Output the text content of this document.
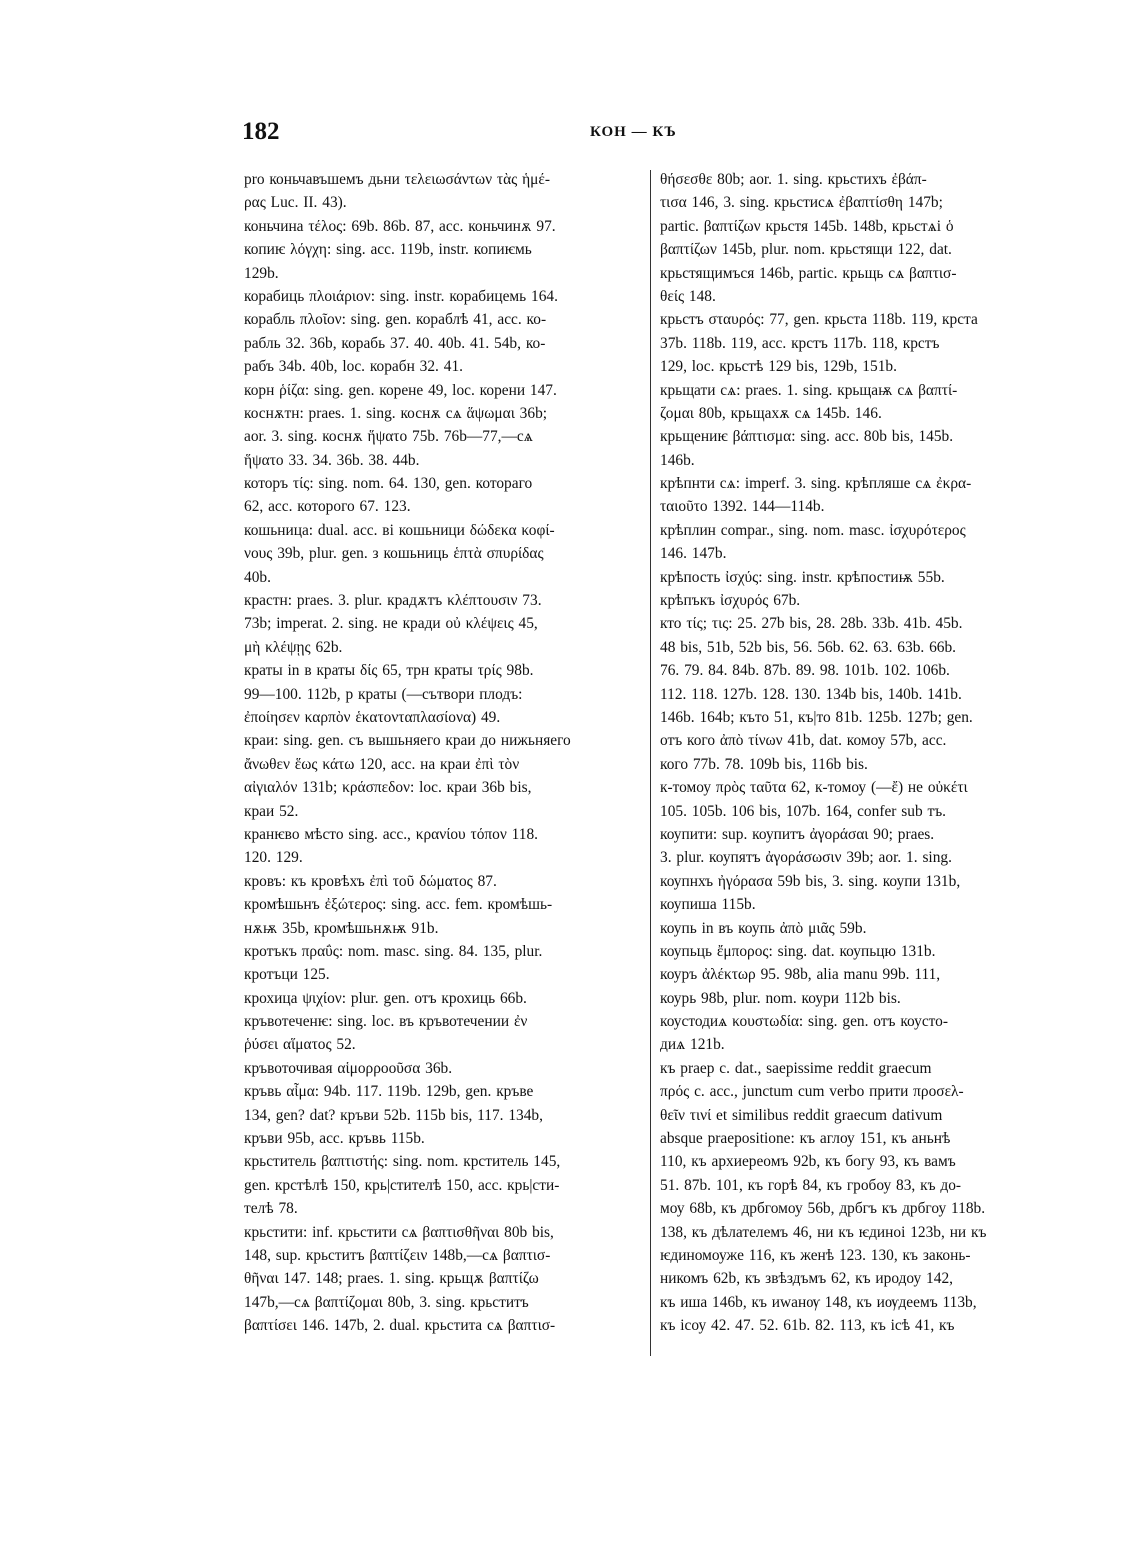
182	КОН — КЪ
pro коньчавъшемъ дьни τελειωσάντων τὰς ἡμέ-
ρας Luc. II. 43).
коньчина τέλος: 69b. 86b. 87, acc. коньчинѫ 97.
копиѥ λόγχη: sing. acc. 119b, instr. копиѥмь
129b.
корабиць πλοιάριον: sing. instr. корабицемь 164.
корабль πλοῖον: sing. gen. кораблѣ 41, acc. ко-
рабль 32. 36b, корабь 37. 40. 40b. 41. 54b, ко-
рабъ 34b. 40b, loc. корабн 32. 41.
корн ῥίζα: sing. gen. корене 49, loc. корени 147.
коснѫтн: praes. 1. sing. коснѫ сѧ ἅψωμαι 36b;
aor. 3. sing. коснѫ ἥψατο 75b. 76b—77,—сѧ
ἥψατο 33. 34. 36b. 38. 44b.
которъ τίς: sing. nom. 64. 130, gen. котораго
62, acc. которого 67. 123.
кошьница: dual. acc. ві кошьници δώδεκα κοφί-
νους 39b, plur. gen. з кошьниць ἑπτὰ σπυρίδας
40b.
краcтн: praes. 3. plur. крадѫтъ κλέπτουσιν 73.
73b; imperat. 2. sing. не кради οὐ κλέψεις 45,
μὴ κλέψῃς 62b.
краты in в краты δίς 65, трн краты τρίς 98b.
99—100. 112b, р краты (—сътвори плодъ:
ἐποίησεν καρπὸν ἑκατονταπλασίονα) 49.
краи: sing. gen. съ вышьняего краи до нижьняего
ἄνωθεν ἕως κάτω 120, acc. на краи ἐπὶ τὸν
αἰγιαλόν 131b; κράσπεδον: loc. краи 36b bis,
краи 52.
кранѥво мѣсто sing. acc., κρανίου τόπον 118.
120. 129.
кровъ: къ кровѣхъ ἐπὶ τοῦ δώματος 87.
кромѣшьнъ ἐξώτερος: sing. acc. fem. кромѣшь-
нѫѭ 35b, кромѣшьнѫѭ 91b.
кротъкъ πραΰς: nom. masc. sing. 84. 135, plur.
кротъци 125.
крохица ψιχίον: plur. gen. отъ крохиць 66b.
кръвотеченѥ: sing. loc. въ кръвотечении ἐν
ῥύσει αἵματος 52.
кръвоточивая αἱμορροοῦσα 36b.
кръвь αἷμα: 94b. 117. 119b. 129b, gen. кръве
134, gen? dat? кръви 52b. 115b bis, 117. 134b,
кръви 95b, acc. кръвь 115b.
крьститель βαπτιστής: sing. nom. крститель 145,
gen. крстѣлѣ 150, крь|стителѣ 150, acc. крь|сти-
телѣ 78.
крьстити: inf. крьстити сѧ βαπτισθῆναι 80b bis,
148, sup. крьститъ βαπτίζειν 148b,—сѧ βαπτισ-
θῆναι 147. 148; praes. 1. sing. крьщѫ βαπτίζω
147b,—сѧ βαπτίζομαι 80b, 3. sing. крьститъ
βαπτίσει 146. 147b, 2. dual. крьститa сѧ βαπτισ-
θήσεσθε 80b; aor. 1. sing. крьстихъ ἐβάπ-
τισα 146, 3. sing. крьстисѧ ἐβαπτίσθη 147b;
partic. βαπτίζων крьстя 145b. 148b, крьстѧі ὁ
βαπτίζων 145b, plur. nom. крьстящи 122, dat.
крьстящимъся 146b, partic. крьщь сѧ βαπτισ-
θείς 148.
крьстъ σταυρός: 77, gen. крьста 118b. 119, крста
37b. 118b. 119, acc. крстъ 117b. 118, крстъ
129, loc. крьстѣ 129 bis, 129b, 151b.
крьщати сѧ: praes. 1. sing. крьщаѭ сѧ βαπτί-
ζομαι 80b, крьщахѫ сѧ 145b. 146.
крьщениѥ βάπτισμα: sing. acc. 80b bis, 145b.
146b.
крѣпнти сѧ: imperf. 3. sing. крѣпляше сѧ ἐκρα-
ταιοῦτο 1392. 144—114b.
крѣплин compar., sing. nom. masc. ἰσχυρότερος
146. 147b.
крѣпость ἰσχύς: sing. instr. крѣпостиѭ 55b.
крѣпъкъ ἰσχυρός 67b.
кто τίς; τις: 25. 27b bis, 28. 28b. 33b. 41b. 45b.
48 bis, 51b, 52b bis, 56. 56b. 62. 63. 63b. 66b.
76. 79. 84. 84b. 87b. 89. 98. 101b. 102. 106b.
112. 118. 127b. 128. 130. 134b bis, 140b. 141b.
146b. 164b; къто 51, къ|то 81b. 125b. 127b; gen.
отъ кого ἀπὸ τίνων 41b, dat. комоу 57b, acc.
кого 77b. 78. 109b bis, 116b bis.
к-томоу πρὸς ταῦτα 62, к-томоу (—ἔ) не οὐκέτι
105. 105b. 106 bis, 107b. 164, confer sub тъ.
коупити: sup. коупитъ ἀγοράσαι 90; praes.
3. plur. коупятъ ἀγοράσωσιν 39b; aor. 1. sing.
коупнхъ ἠγόρασα 59b bis, 3. sing. коупи 131b,
коупиша 115b.
коупь in въ коупь ἀπὸ μιᾶς 59b.
коупьць ἔμπορος: sing. dat. коупьцю 131b.
коуръ ἀλέκτωρ 95. 98b, alia manu 99b. 111,
коурь 98b, plur. nom. коури 112b bis.
коустодиѧ κουστωδία: sing. gen. отъ коусто-
диѧ 121b.
къ praep c. dat., saepissime reddit graecum
πρός c. acc., junctum cum verbo прити προσελ-
θεῖν τινί et similibus reddit graecum dativum
absque praepositione: къ аглоу 151, къ аньнѣ
110, къ архиереомъ 92b, къ богу 93, къ вамъ
51. 87b. 101, къ горѣ 84, къ гробоу 83, къ до-
моу 68b, къ дрбгомоу 56b, дрбгъ къ дрбгоу 118b.
138, къ дѣлателемъ 46, ни къ ѥдиноі 123b, ни къ
ѥдиномоужe 116, къ женѣ 123. 130, къ законь-
никомъ 62b, къ звѣздъмъ 62, къ иродоу 142,
къ иша 146b, къ иwанѹ 148, къ иѹдеемъ 113b,
къ ісоу 42. 47. 52. 61b. 82. 113, къ ісѣ 41, къ
